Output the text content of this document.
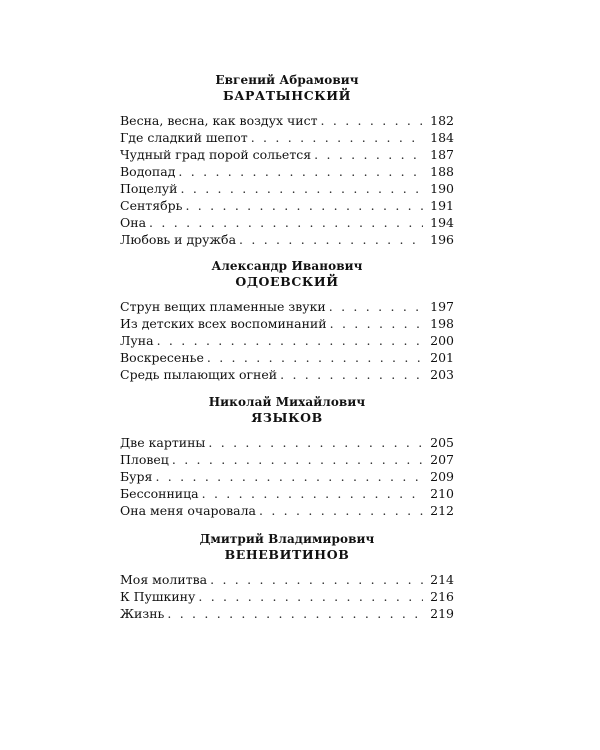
Евгений Абрамович
БАРАТЫНСКИЙ
Весна, весна, как воздух чист . . .	182
Где сладкий шепот . . .	184
Чудный град порой сольется . . .	187
Водопад . . .	188
Поцелуй . . .	190
Сентябрь . . .	191
Она . . .	194
Любовь и дружба . . .	196
Александр Иванович
ОДОЕВСКИЙ
Струн вещих пламенные звуки . . .	197
Из детских всех воспоминаний . . .	198
Луна . . .	200
Воскресенье . . .	201
Средь пылающих огней . . .	203
Николай Михайлович
ЯЗЫКОВ
Две картины . . .	205
Пловец . . .	207
Буря . . .	209
Бессонница . . .	210
Она меня очаровала . . .	212
Дмитрий Владимирович
ВЕНЕВИТИНОВ
Моя молитва . . .	214
К Пушкину . . .	216
Жизнь . . .	219
